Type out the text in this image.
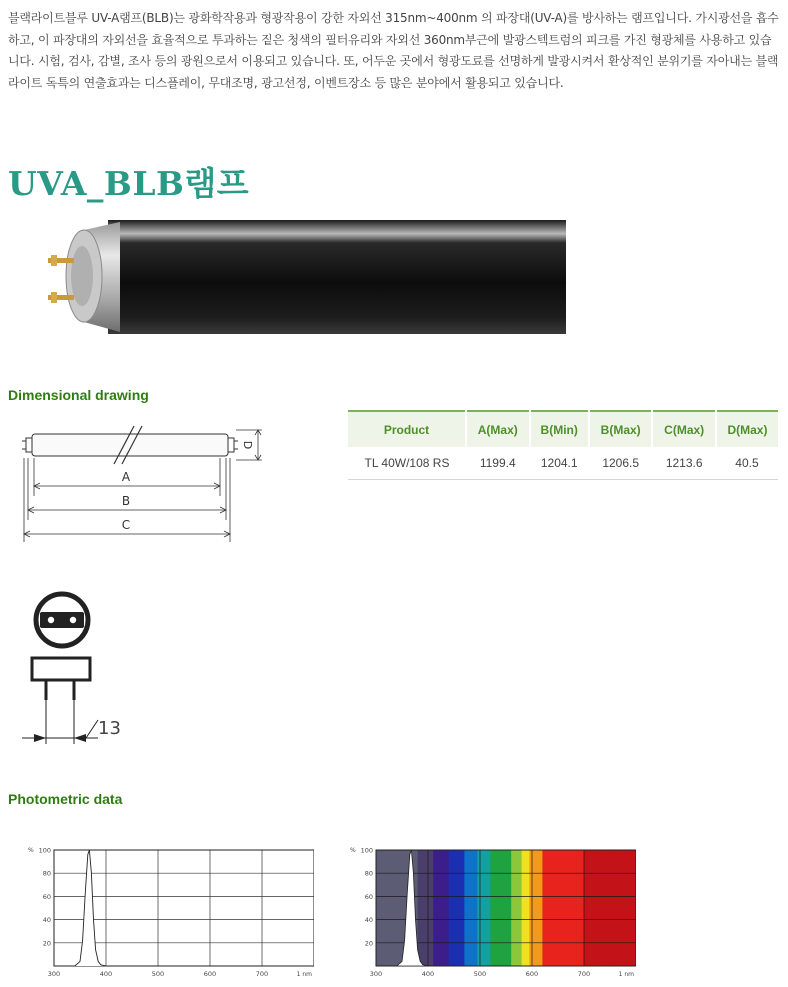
블랙라이트블루 UV-A램프(BLB)는 광화학작용과 형광작용이 강한 자외선 315nm~400nm 의 파장대(UV-A)를 방사하는 램프입니다. 가시광선을 흡수하고, 이 파장대의 자외선을 효율적으로 투과하는 짙은 청색의 필터유리와 자외선 360nm부근에 발광스텍트럼의 피크를 가진 형광체를 사용하고 있습니다. 시험, 검사, 감별, 조사 등의 광원으로서 이용되고 있습니다. 또, 어두운 곳에서 형광도료를 선명하게 발광시켜서 환상적인 분위기를 자아내는 블랙라이트 독특의 연출효과는 디스플레이, 무대조명, 광고선정, 이벤트장소 등 많은 분야에서 활용되고 있습니다.
UVA_BLB램프
Dimensional drawing
D
A
B
C
Product	A(Max)	B(Min)	B(Max)	C(Max)	D(Max)
TL 40W/108 RS	1199.4	1204.1	1206.5	1213.6	40.5
13
Photometric data
20
40
60
80
100
%
300	400	500	600	700	1 nm
20
40
60
80
100
%
300	400	500	600	700	1 nm
